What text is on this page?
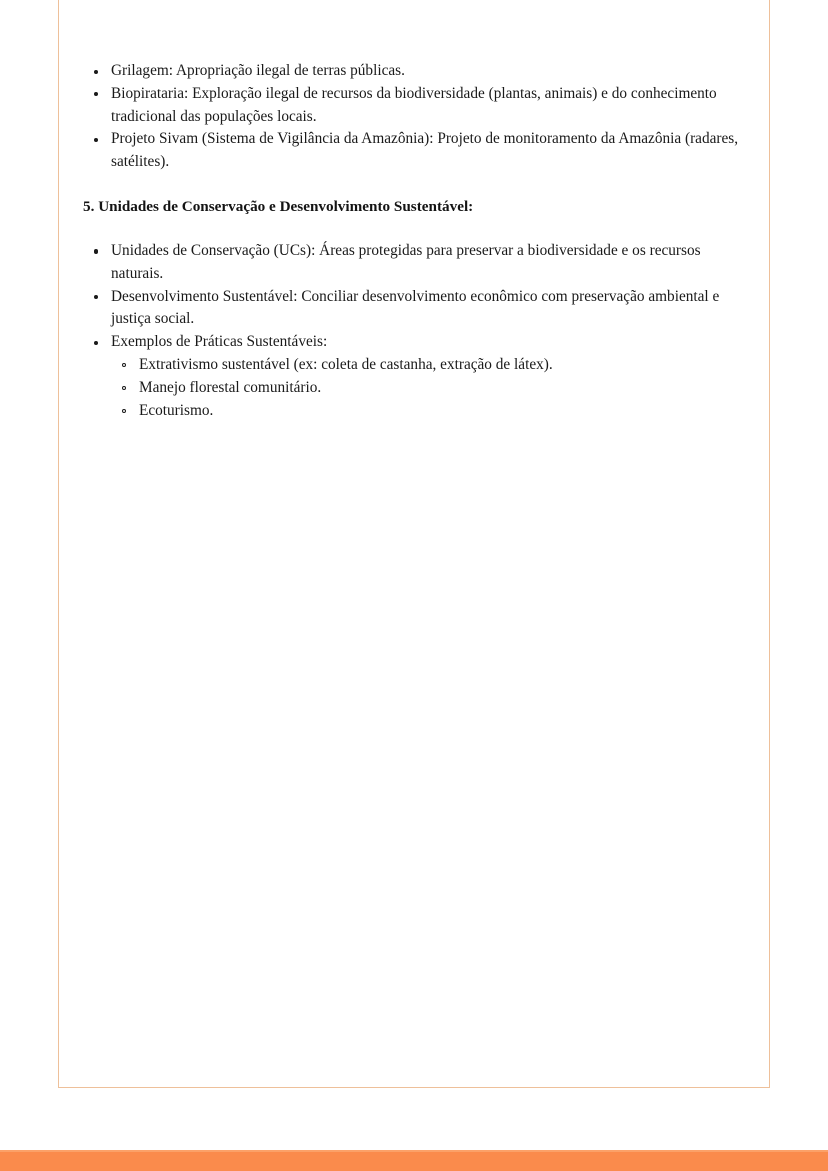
Grilagem: Apropriação ilegal de terras públicas.
Biopirataria: Exploração ilegal de recursos da biodiversidade (plantas, animais) e do conhecimento tradicional das populações locais.
Projeto Sivam (Sistema de Vigilância da Amazônia): Projeto de monitoramento da Amazônia (radares, satélites).

5. Unidades de Conservação e Desenvolvimento Sustentável:

Unidades de Conservação (UCs): Áreas protegidas para preservar a biodiversidade e os recursos naturais.
Desenvolvimento Sustentável: Conciliar desenvolvimento econômico com preservação ambiental e justiça social.
Exemplos de Práticas Sustentáveis:
Extrativismo sustentável (ex: coleta de castanha, extração de látex).
Manejo florestal comunitário.
Ecoturismo.
